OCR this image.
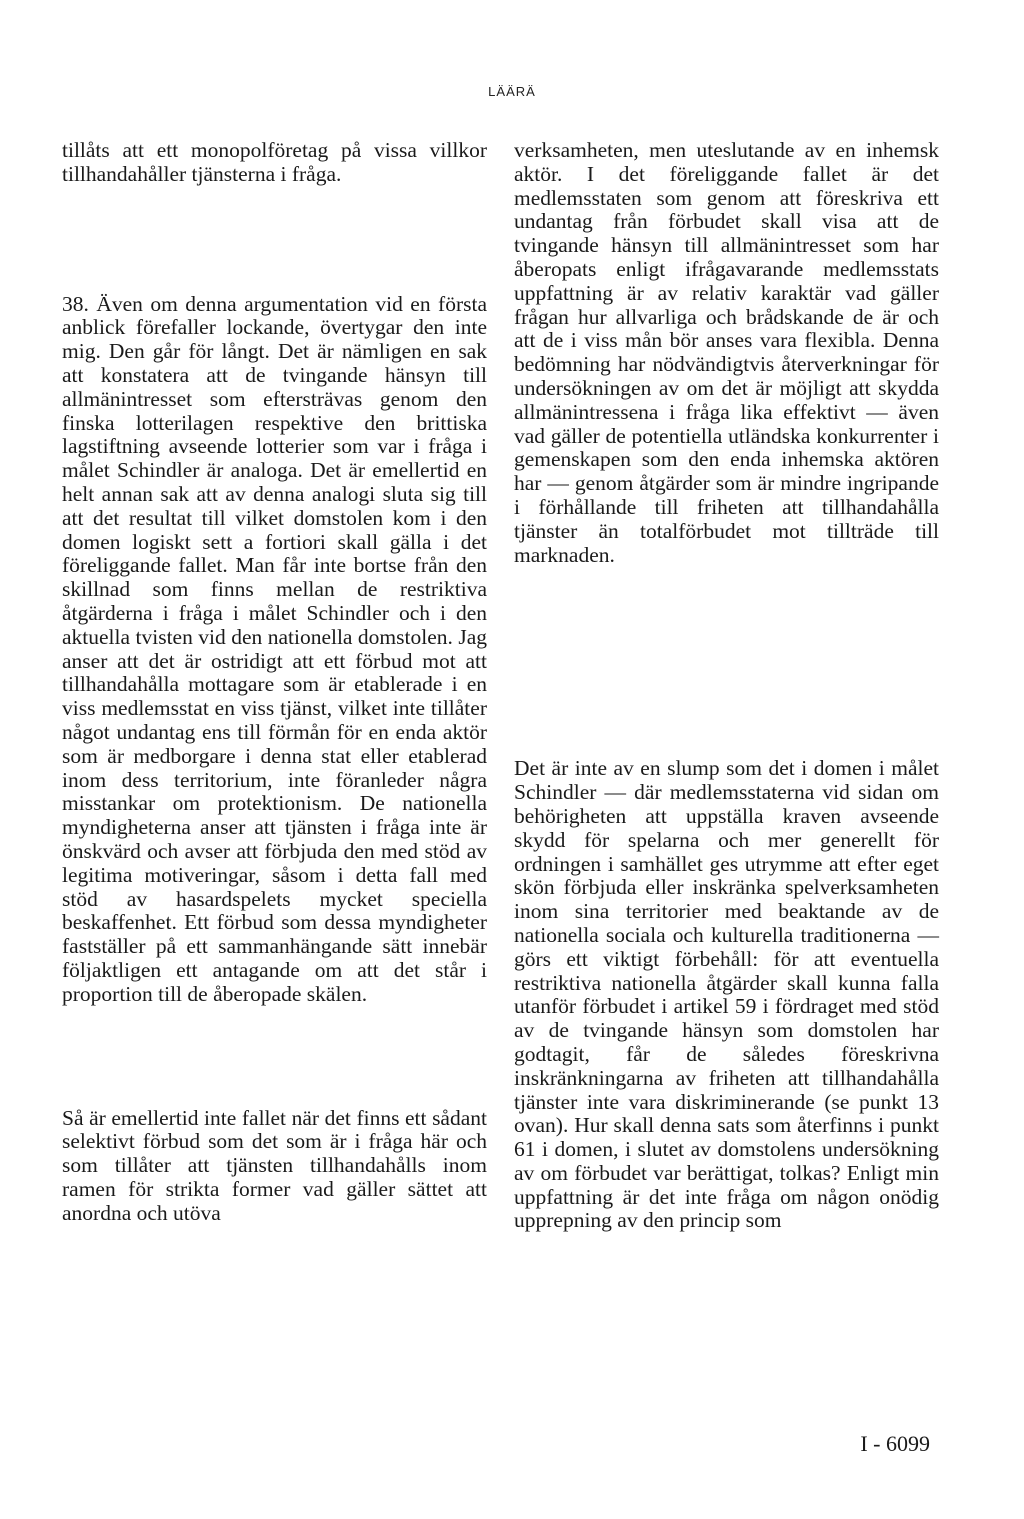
LÄÄRÄ

tillåts att ett monopolföretag på vissa villkor tillhandahåller tjänsterna i fråga.

38. Även om denna argumentation vid en första anblick förefaller lockande, övertygar den inte mig. Den går för långt. Det är nämligen en sak att konstatera att de tvingande hänsyn till allmänintresset som eftersträvas genom den finska lotterilagen respektive den brittiska lagstiftning avseende lotterier som var i fråga i målet Schindler är analoga. Det är emellertid en helt annan sak att av denna analogi sluta sig till att det resultat till vilket domstolen kom i den domen logiskt sett a fortiori skall gälla i det föreliggande fallet. Man får inte bortse från den skillnad som finns mellan de restriktiva åtgärderna i fråga i målet Schindler och i den aktuella tvisten vid den nationella domstolen. Jag anser att det är ostridigt att ett förbud mot att tillhandahålla mottagare som är etablerade i en viss medlemsstat en viss tjänst, vilket inte tillåter något undantag ens till förmån för en enda aktör som är medborgare i denna stat eller etablerad inom dess territorium, inte föranleder några misstankar om protektionism. De nationella myndigheterna anser att tjänsten i fråga inte är önskvärd och avser att förbjuda den med stöd av legitima motiveringar, såsom i detta fall med stöd av hasardspelets mycket speciella beskaffenhet. Ett förbud som dessa myndigheter fastställer på ett sammanhängande sätt innebär följaktligen ett antagande om att det står i proportion till de åberopade skälen.

Så är emellertid inte fallet när det finns ett sådant selektivt förbud som det som är i fråga här och som tillåter att tjänsten tillhandahålls inom ramen för strikta former vad gäller sättet att anordna och utöva

verksamheten, men uteslutande av en inhemsk aktör. I det föreliggande fallet är det medlemsstaten som genom att föreskriva ett undantag från förbudet skall visa att de tvingande hänsyn till allmänintresset som har åberopats enligt ifrågavarande medlemsstats uppfattning är av relativ karaktär vad gäller frågan hur allvarliga och brådskande de är och att de i viss mån bör anses vara flexibla. Denna bedömning har nödvändigtvis återverkningar för undersökningen av om det är möjligt att skydda allmänintressena i fråga lika effektivt — även vad gäller de potentiella utländska konkurrenter i gemenskapen som den enda inhemska aktören har — genom åtgärder som är mindre ingripande i förhållande till friheten att tillhandahålla tjänster än totalförbudet mot tillträde till marknaden.

Det är inte av en slump som det i domen i målet Schindler — där medlemsstaterna vid sidan om behörigheten att uppställa kraven avseende skydd för spelarna och mer generellt för ordningen i samhället ges utrymme att efter eget skön förbjuda eller inskränka spelverksamheten inom sina territorier med beaktande av de nationella sociala och kulturella traditionerna — görs ett viktigt förbehåll: för att eventuella restriktiva nationella åtgärder skall kunna falla utanför förbudet i artikel 59 i fördraget med stöd av de tvingande hänsyn som domstolen har godtagit, får de således föreskrivna inskränkningarna av friheten att tillhandahålla tjänster inte vara diskriminerande (se punkt 13 ovan). Hur skall denna sats som återfinns i punkt 61 i domen, i slutet av domstolens undersökning av om förbudet var berättigat, tolkas? Enligt min uppfattning är det inte fråga om någon onödig upprepning av den princip som

I - 6099
